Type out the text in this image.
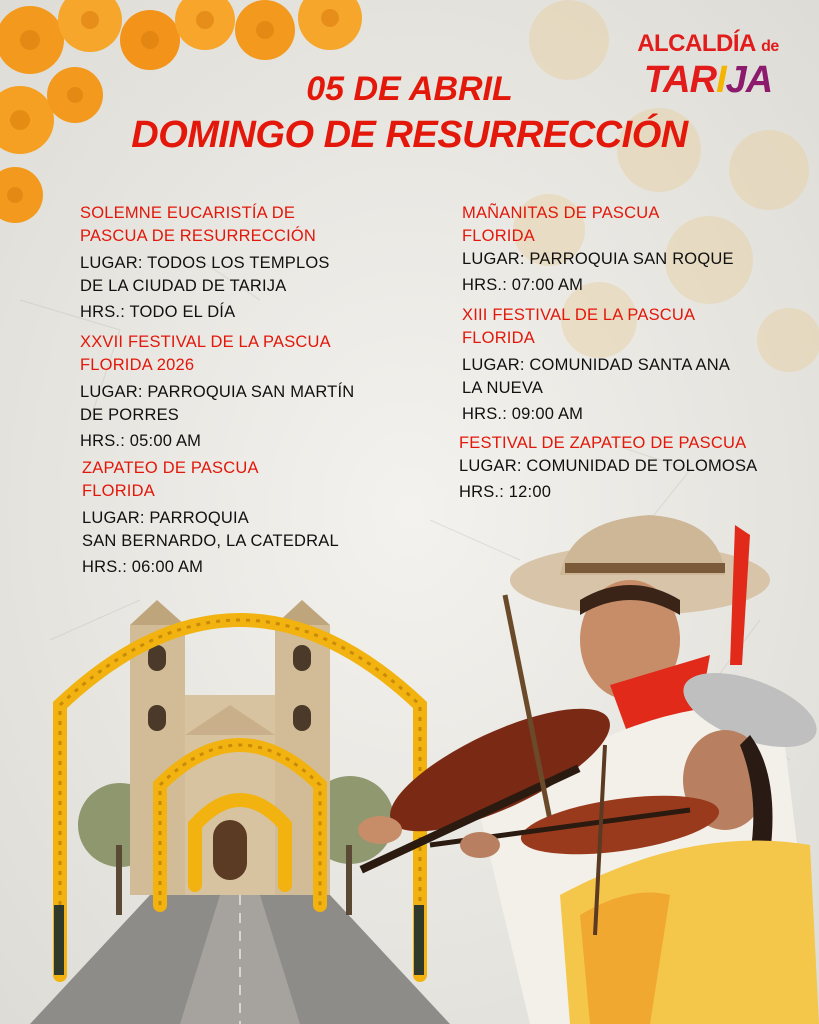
ALCALDÍA de
TARIJA
05 DE ABRIL
DOMINGO DE RESURRECCIÓN
SOLEMNE EUCARISTÍA DE
PASCUA DE RESURRECCIÓN
LUGAR: TODOS LOS TEMPLOS
DE LA CIUDAD DE TARIJA
HRS.: TODO EL DÍA
XXVII FESTIVAL DE LA PASCUA
FLORIDA 2026
LUGAR: PARROQUIA SAN MARTÍN
DE PORRES
HRS.: 05:00 AM
ZAPATEO DE PASCUA
FLORIDA
LUGAR: PARROQUIA
SAN BERNARDO, LA CATEDRAL
HRS.: 06:00 AM
MAÑANITAS DE PASCUA
FLORIDA
LUGAR: PARROQUIA SAN ROQUE
HRS.: 07:00 AM
XIII FESTIVAL DE LA PASCUA
FLORIDA
LUGAR: COMUNIDAD SANTA ANA
LA NUEVA
HRS.: 09:00 AM
FESTIVAL DE ZAPATEO DE PASCUA
LUGAR: COMUNIDAD DE TOLOMOSA
HRS.: 12:00
